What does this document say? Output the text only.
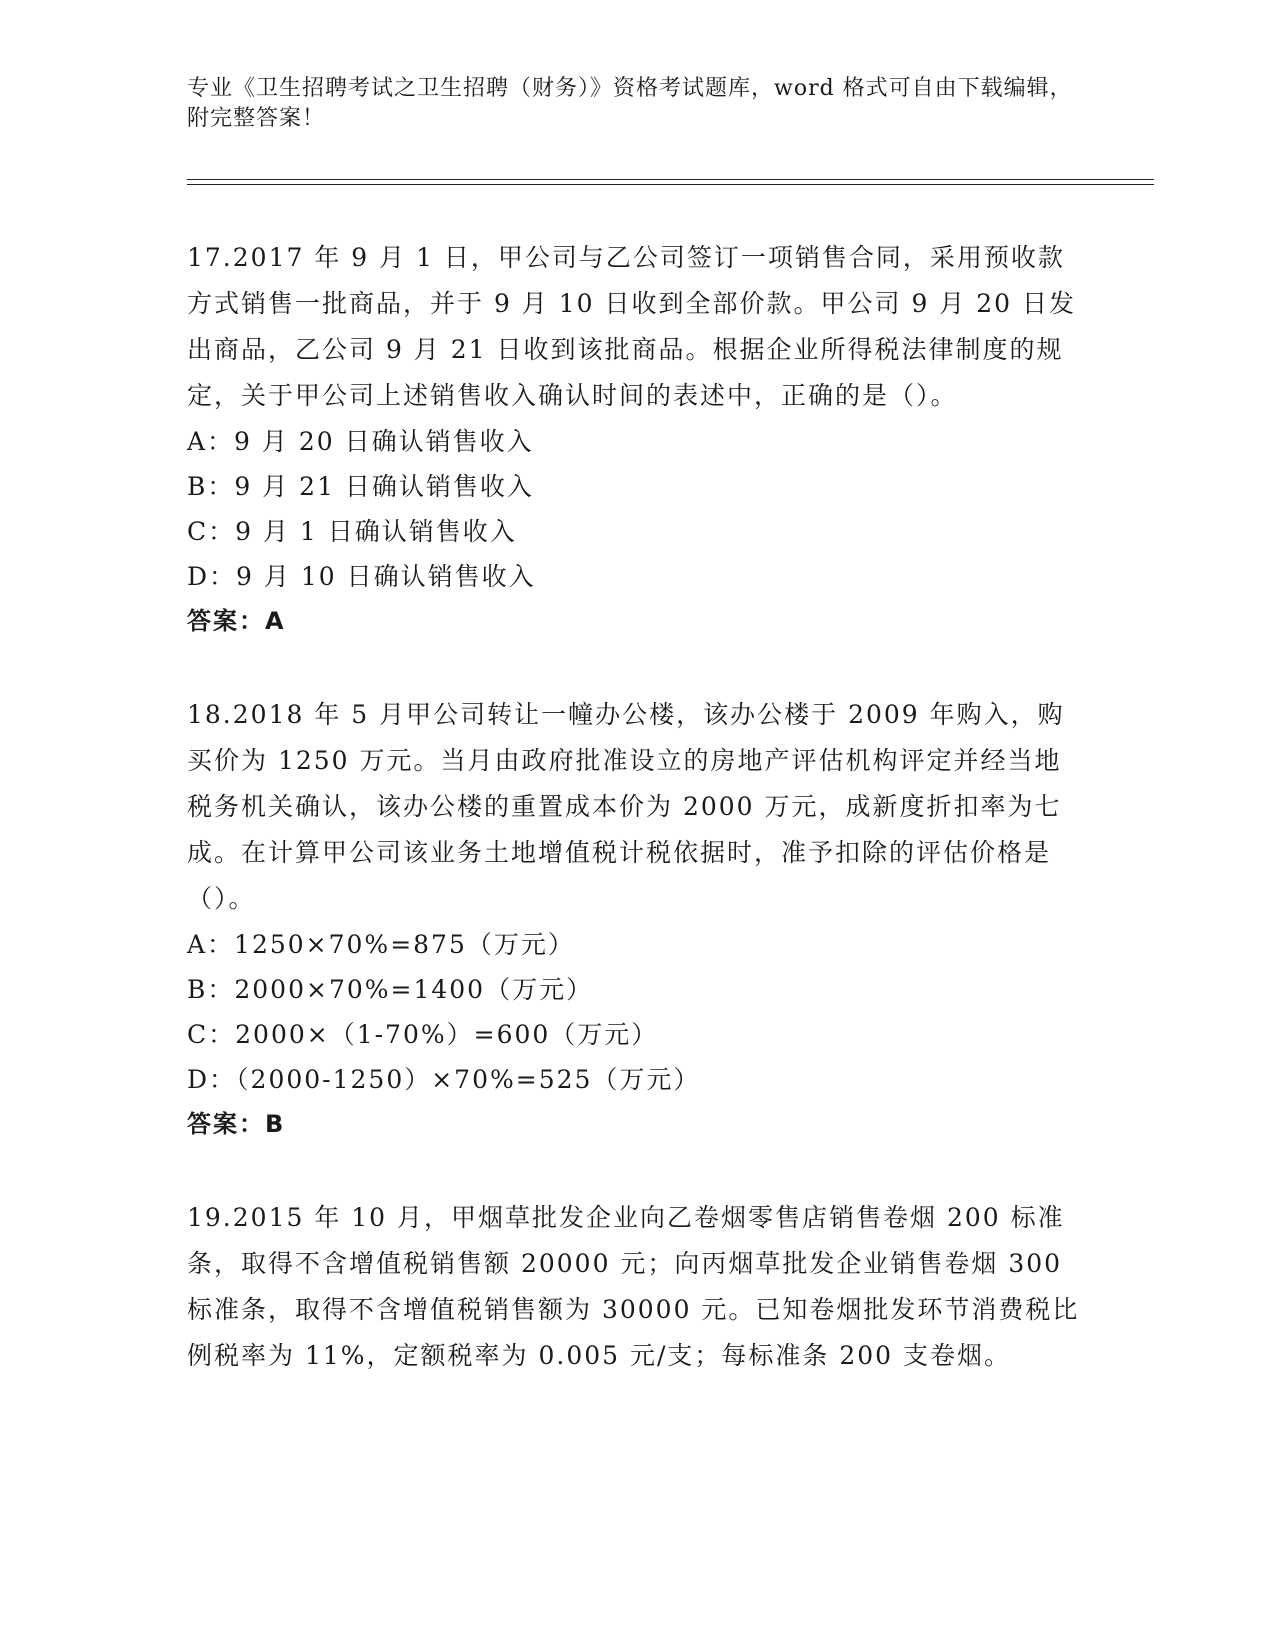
专业《卫生招聘考试之卫生招聘（财务）》资格考试题库，word 格式可自由下载编辑，附完整答案！

17.2017 年 9 月 1 日，甲公司与乙公司签订一项销售合同，采用预收款方式销售一批商品，并于 9 月 10 日收到全部价款。甲公司 9 月 20 日发出商品，乙公司 9 月 21 日收到该批商品。根据企业所得税法律制度的规定，关于甲公司上述销售收入确认时间的表述中，正确的是（）。

A：9 月 20 日确认销售收入

B：9 月 21 日确认销售收入

C：9 月 1 日确认销售收入

D：9 月 10 日确认销售收入

答案：A

18.2018 年 5 月甲公司转让一幢办公楼，该办公楼于 2009 年购入，购买价为 1250 万元。当月由政府批准设立的房地产评估机构评定并经当地税务机关确认，该办公楼的重置成本价为 2000 万元，成新度折扣率为七成。在计算甲公司该业务土地增值税计税依据时，准予扣除的评估价格是（）。

A：1250×70%=875（万元）

B：2000×70%=1400（万元）

C：2000×（1-70%）=600（万元）

D：（2000-1250）×70%=525（万元）

答案：B

19.2015 年 10 月，甲烟草批发企业向乙卷烟零售店销售卷烟 200 标准条，取得不含增值税销售额 20000 元；向丙烟草批发企业销售卷烟 300 标准条，取得不含增值税销售额为 30000 元。已知卷烟批发环节消费税比例税率为 11%，定额税率为 0.005 元/支；每标准条 200 支卷烟。
